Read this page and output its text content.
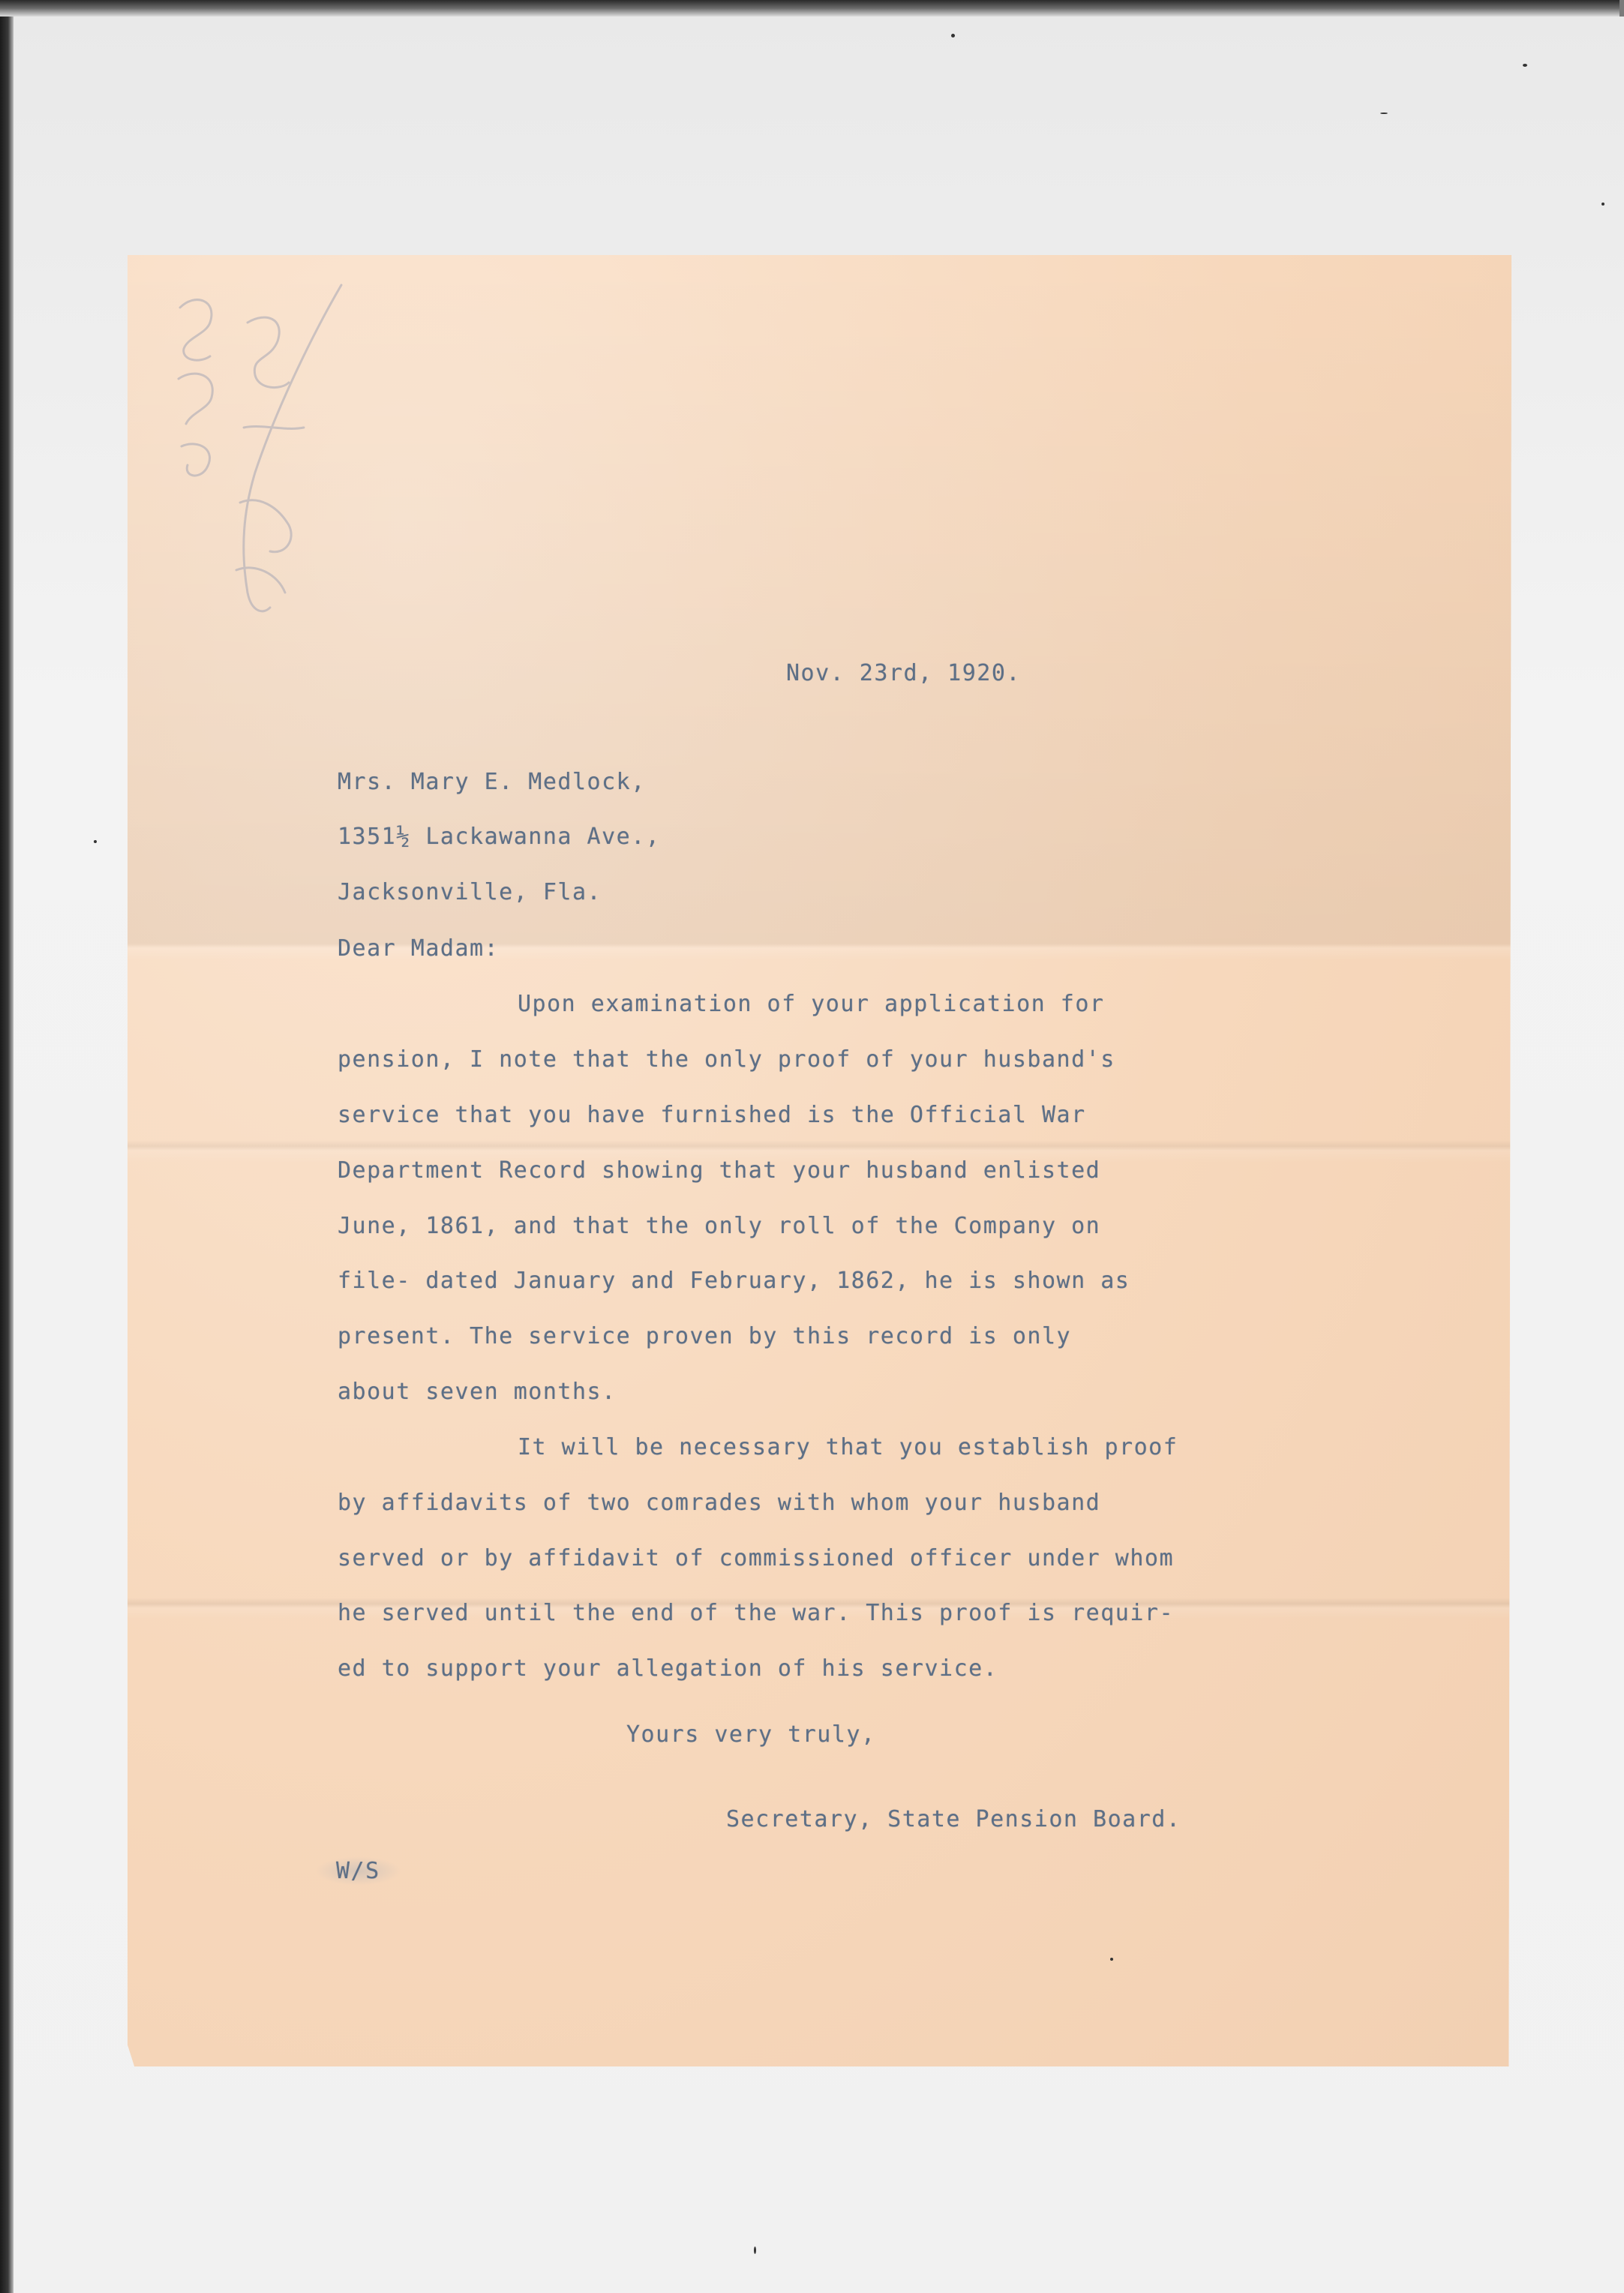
Nov. 23rd, 1920.
Mrs. Mary E. Medlock,
1351½ Lackawanna Ave.,
Jacksonville, Fla.
Dear Madam:
Upon examination of your application for
pension, I note that the only proof of your husband's
service that you have furnished is the Official War
Department Record showing that your husband enlisted
June, 1861, and that the only roll of the Company on
file- dated January and February, 1862, he is shown as
present. The service proven by this record is only
about seven months.
It will be necessary that you establish proof
by affidavits of two comrades with whom your husband
served or by affidavit of commissioned officer under whom
he served until the end of the war. This proof is requir-
ed to support your allegation of his service.
Yours very truly,
Secretary, State Pension Board.
W/S
